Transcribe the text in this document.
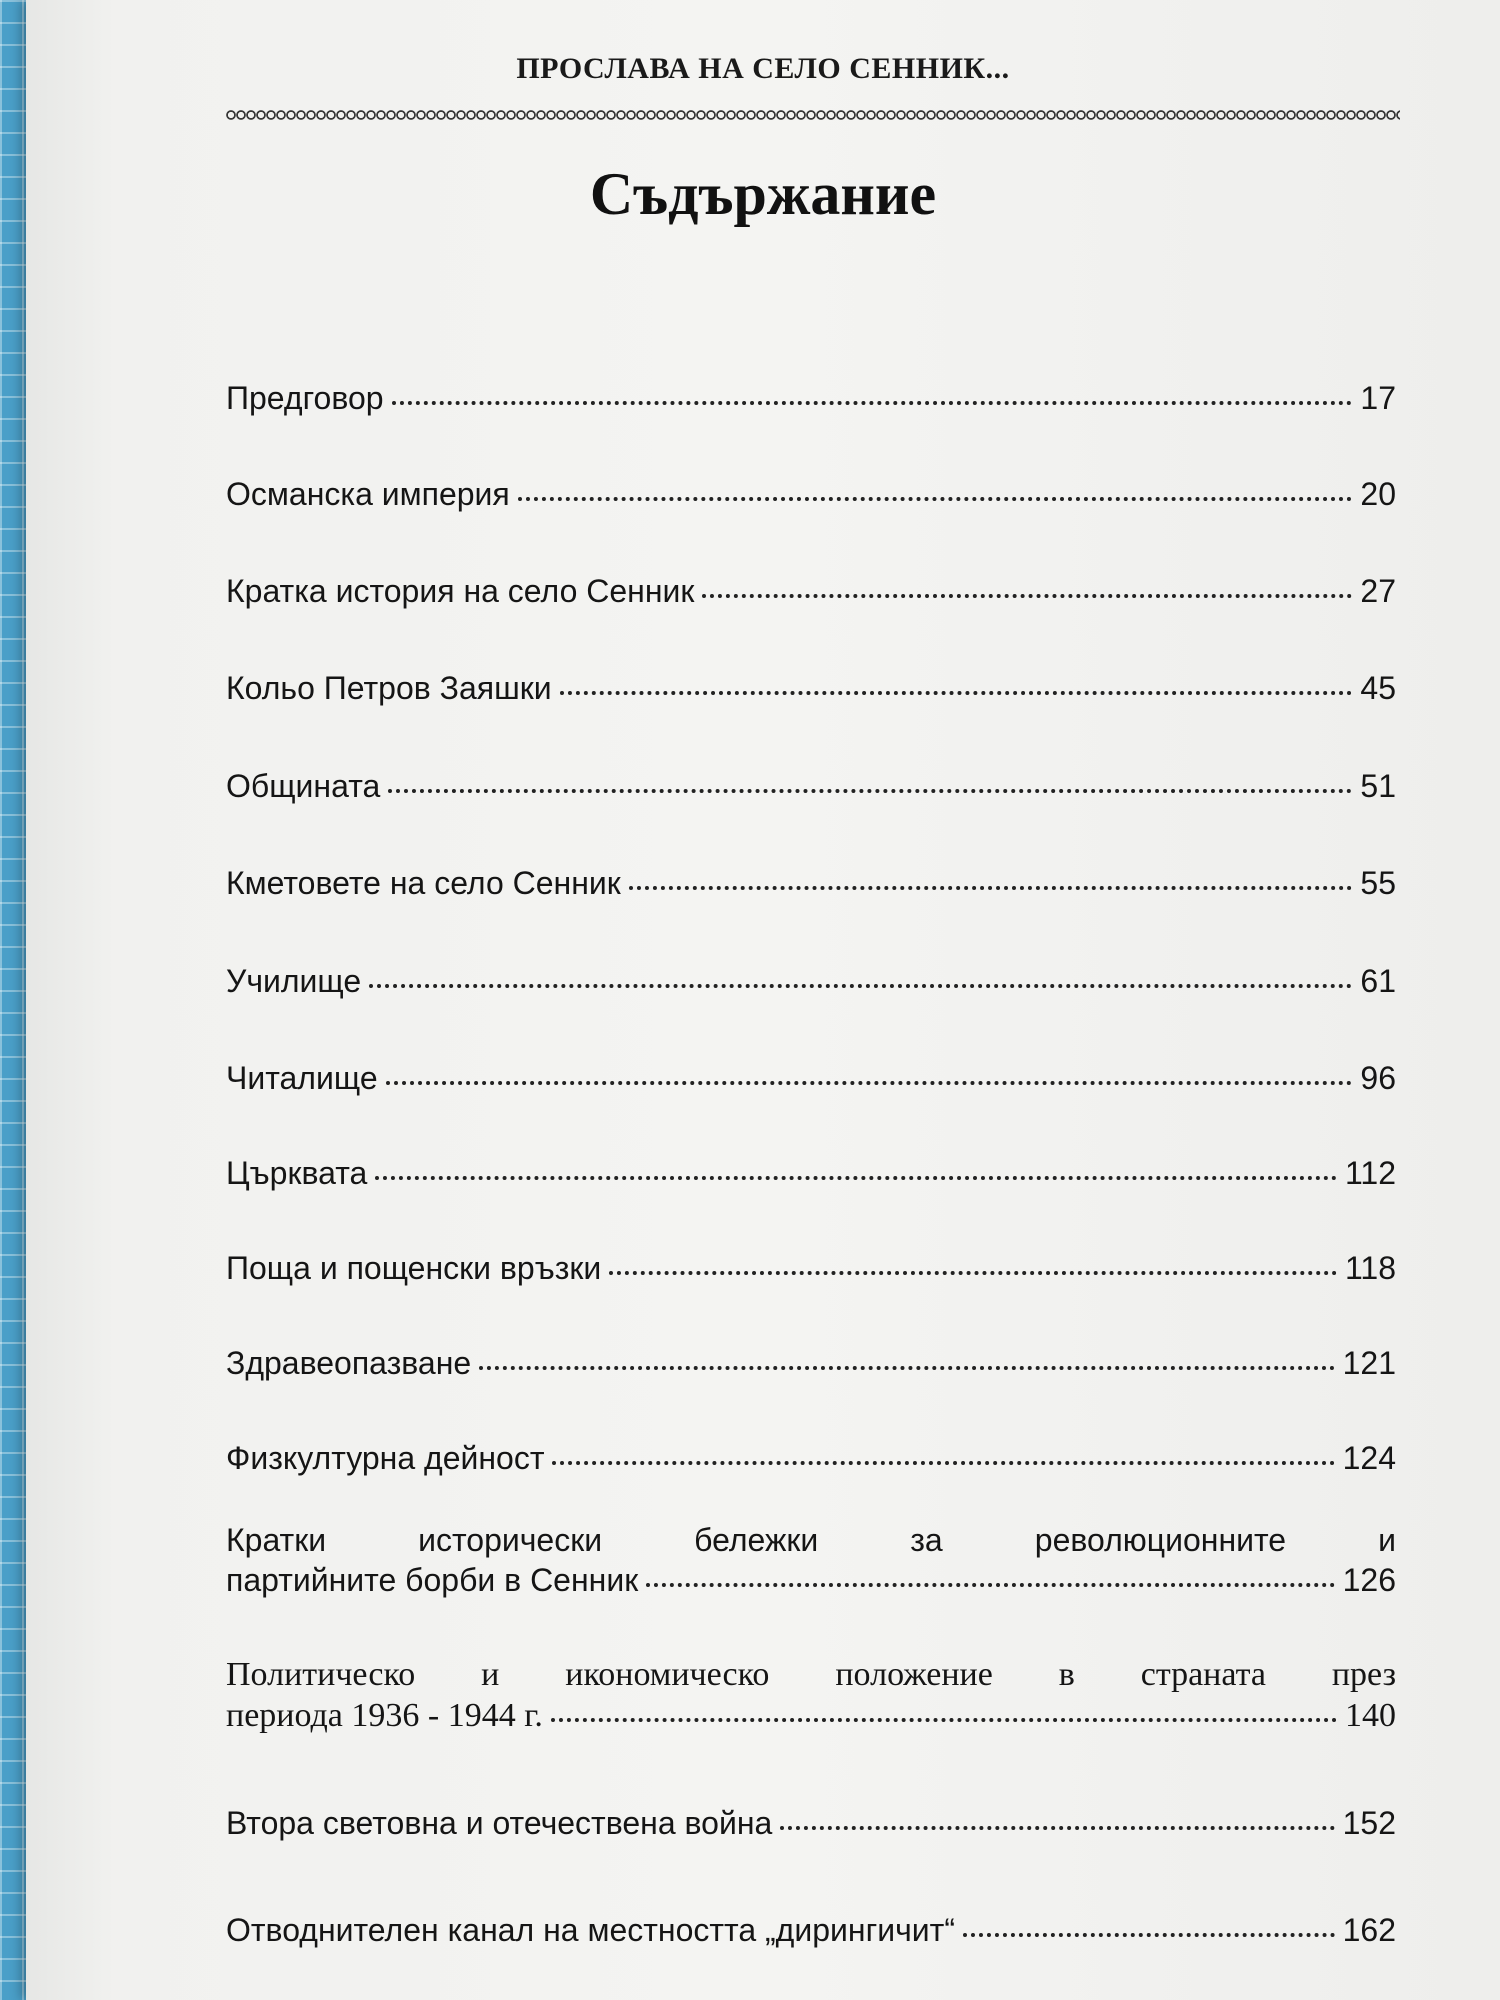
ПРОСЛАВА НА СЕЛО СЕННИК...
Съдържание
Предговор	17
Османска империя	20
Кратка история на село Сенник	27
Кольо Петров Заяшки	45
Общината	51
Кметовете на село Сенник	55
Училище	61
Читалище	96
Църквата	112
Поща и пощенски връзки	118
Здравеопазване	121
Физкултурна дейност	124
Кратки исторически бележки за революционните и
партийните борби в Сенник	126
Политическо и икономическо положение в страната през
периода 1936 - 1944 г.	140
Втора световна и отечествена война	152
Отводнителен канал на местността „дирингичит“	162
